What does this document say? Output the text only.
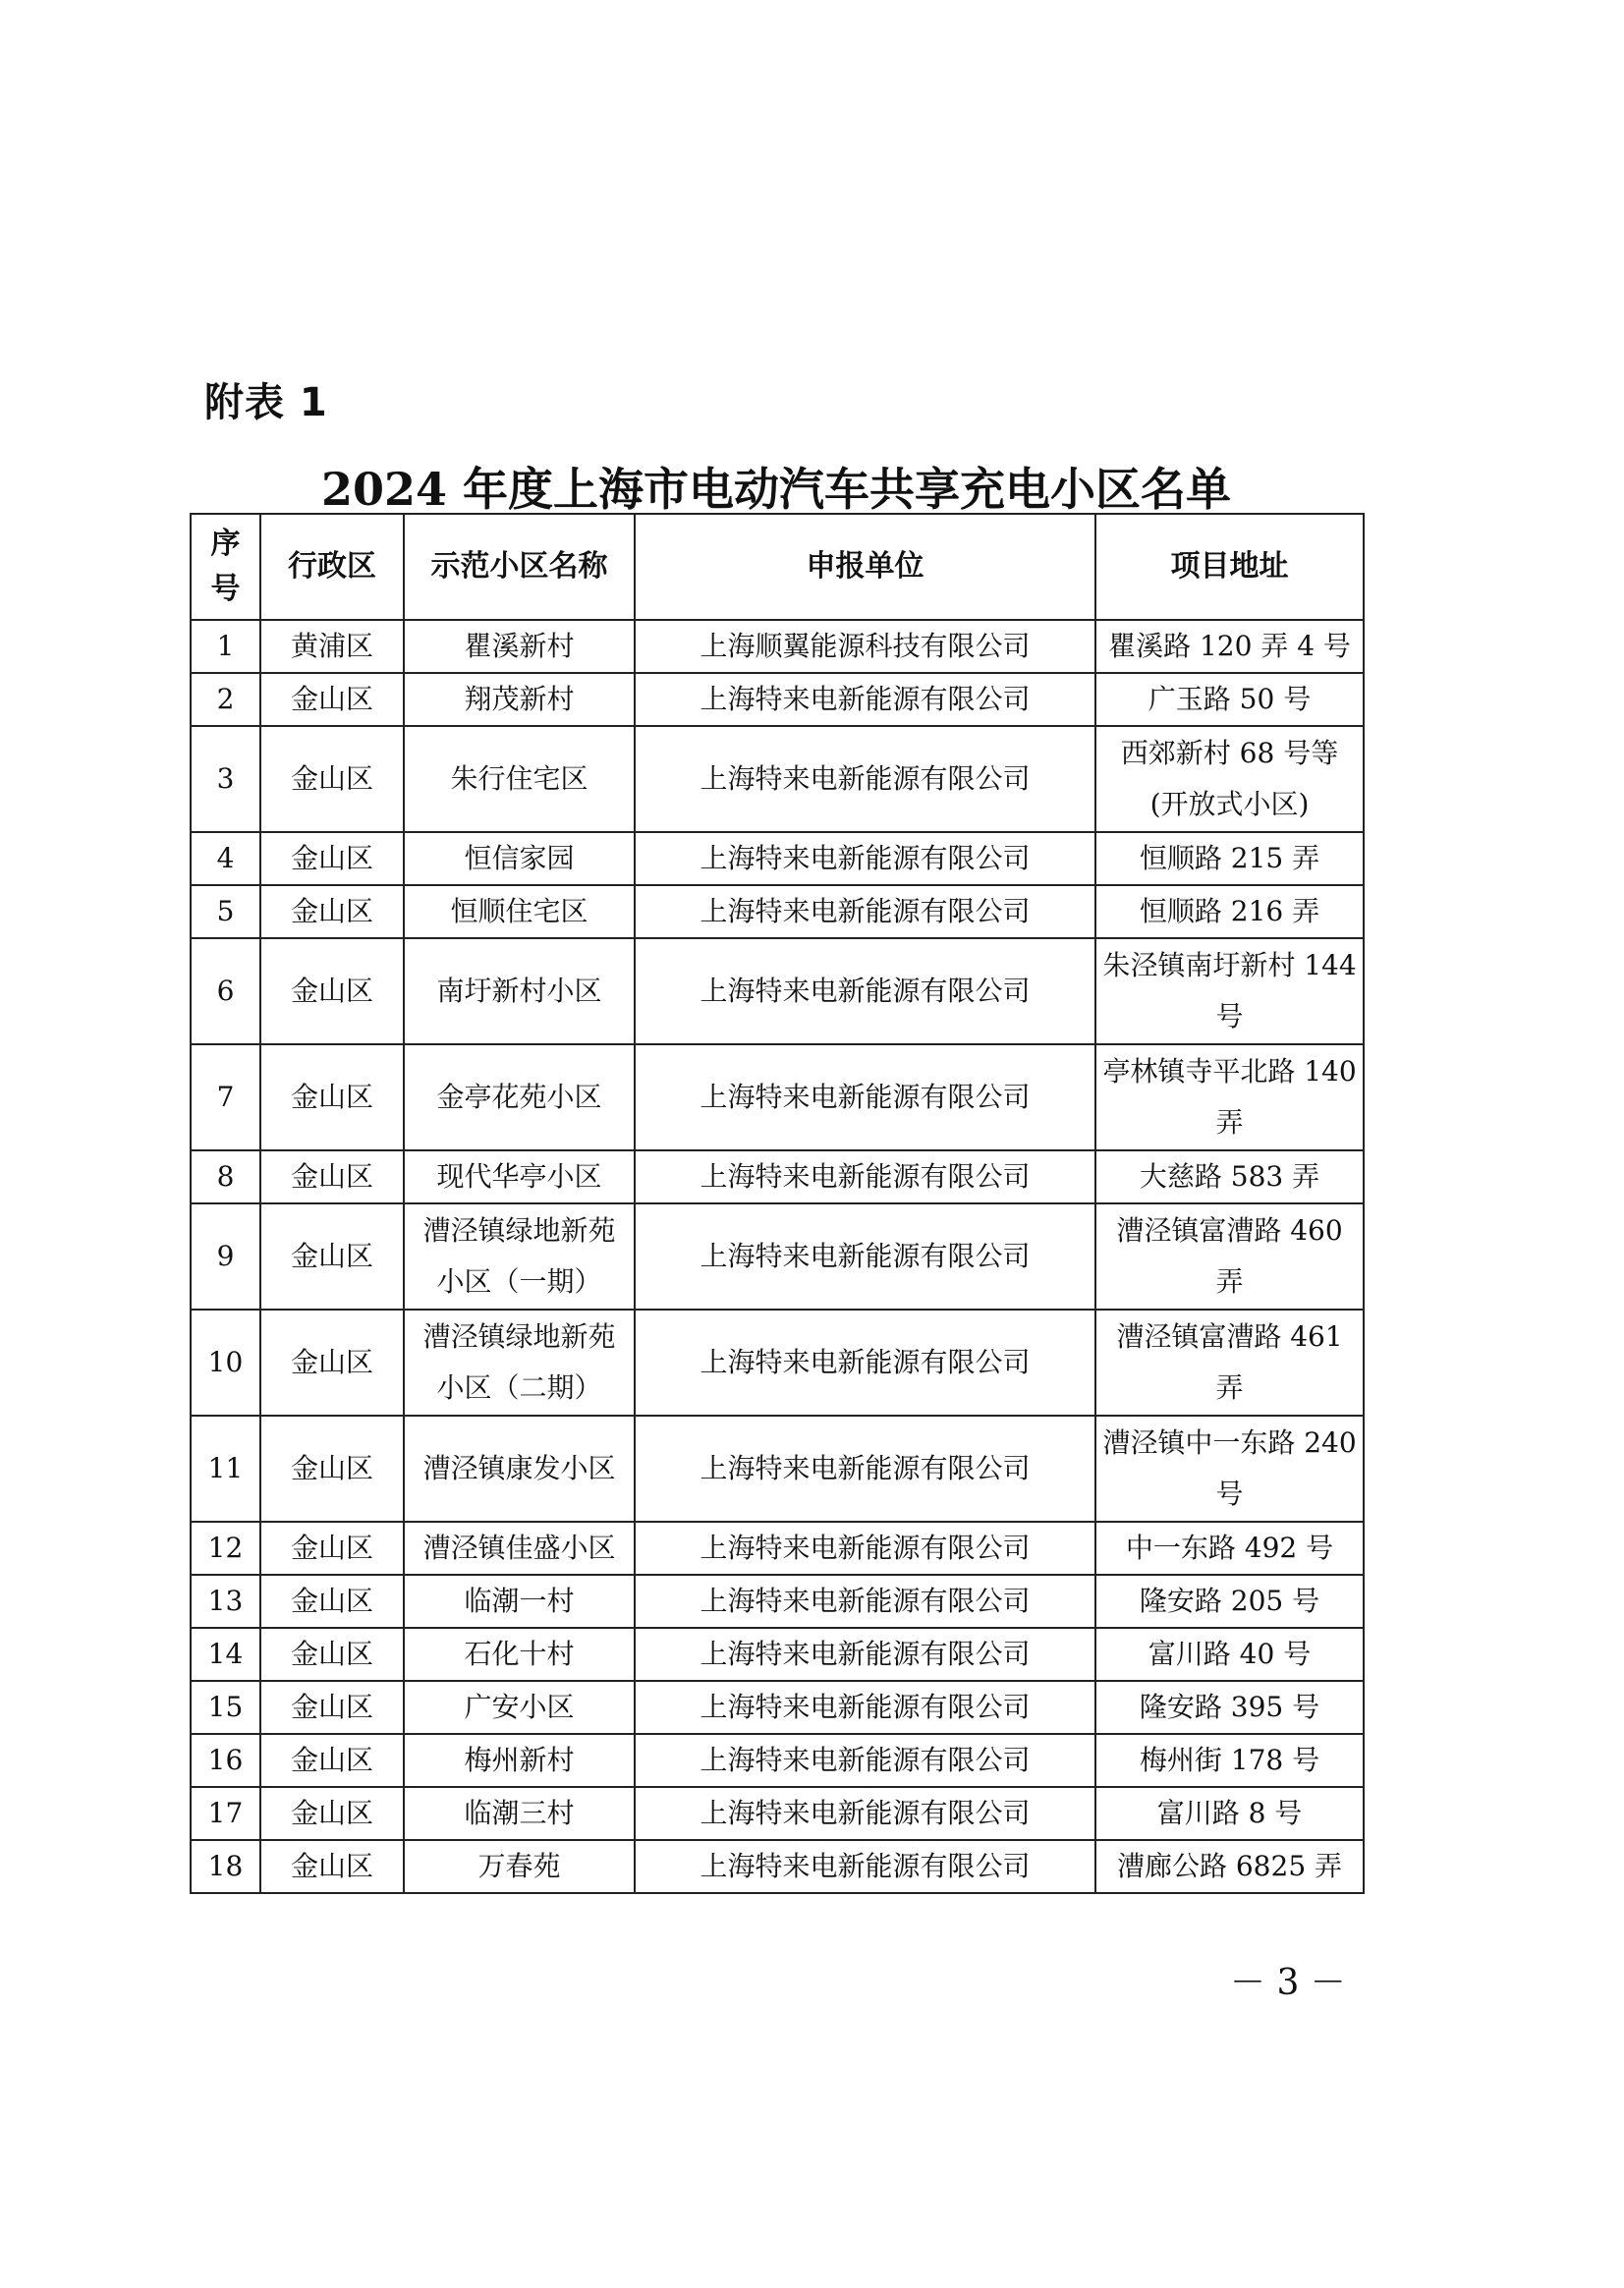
附表 1
2024 年度上海市电动汽车共享充电小区名单
序号	行政区	示范小区名称	申报单位	项目地址
1	黄浦区	瞿溪新村	上海顺翼能源科技有限公司	瞿溪路 120 弄 4 号
2	金山区	翔茂新村	上海特来电新能源有限公司	广玉路 50 号
3	金山区	朱行住宅区	上海特来电新能源有限公司	西郊新村 68 号等(开放式小区)
4	金山区	恒信家园	上海特来电新能源有限公司	恒顺路 215 弄
5	金山区	恒顺住宅区	上海特来电新能源有限公司	恒顺路 216 弄
6	金山区	南圩新村小区	上海特来电新能源有限公司	朱泾镇南圩新村 144 号
7	金山区	金亭花苑小区	上海特来电新能源有限公司	亭林镇寺平北路 140 弄
8	金山区	现代华亭小区	上海特来电新能源有限公司	大慈路 583 弄
9	金山区	漕泾镇绿地新苑小区（一期）	上海特来电新能源有限公司	漕泾镇富漕路 460 弄
10	金山区	漕泾镇绿地新苑小区（二期）	上海特来电新能源有限公司	漕泾镇富漕路 461 弄
11	金山区	漕泾镇康发小区	上海特来电新能源有限公司	漕泾镇中一东路 240 号
12	金山区	漕泾镇佳盛小区	上海特来电新能源有限公司	中一东路 492 号
13	金山区	临潮一村	上海特来电新能源有限公司	隆安路 205 号
14	金山区	石化十村	上海特来电新能源有限公司	富川路 40 号
15	金山区	广安小区	上海特来电新能源有限公司	隆安路 395 号
16	金山区	梅州新村	上海特来电新能源有限公司	梅州街 178 号
17	金山区	临潮三村	上海特来电新能源有限公司	富川路 8 号
18	金山区	万春苑	上海特来电新能源有限公司	漕廊公路 6825 弄
－ 3 －
